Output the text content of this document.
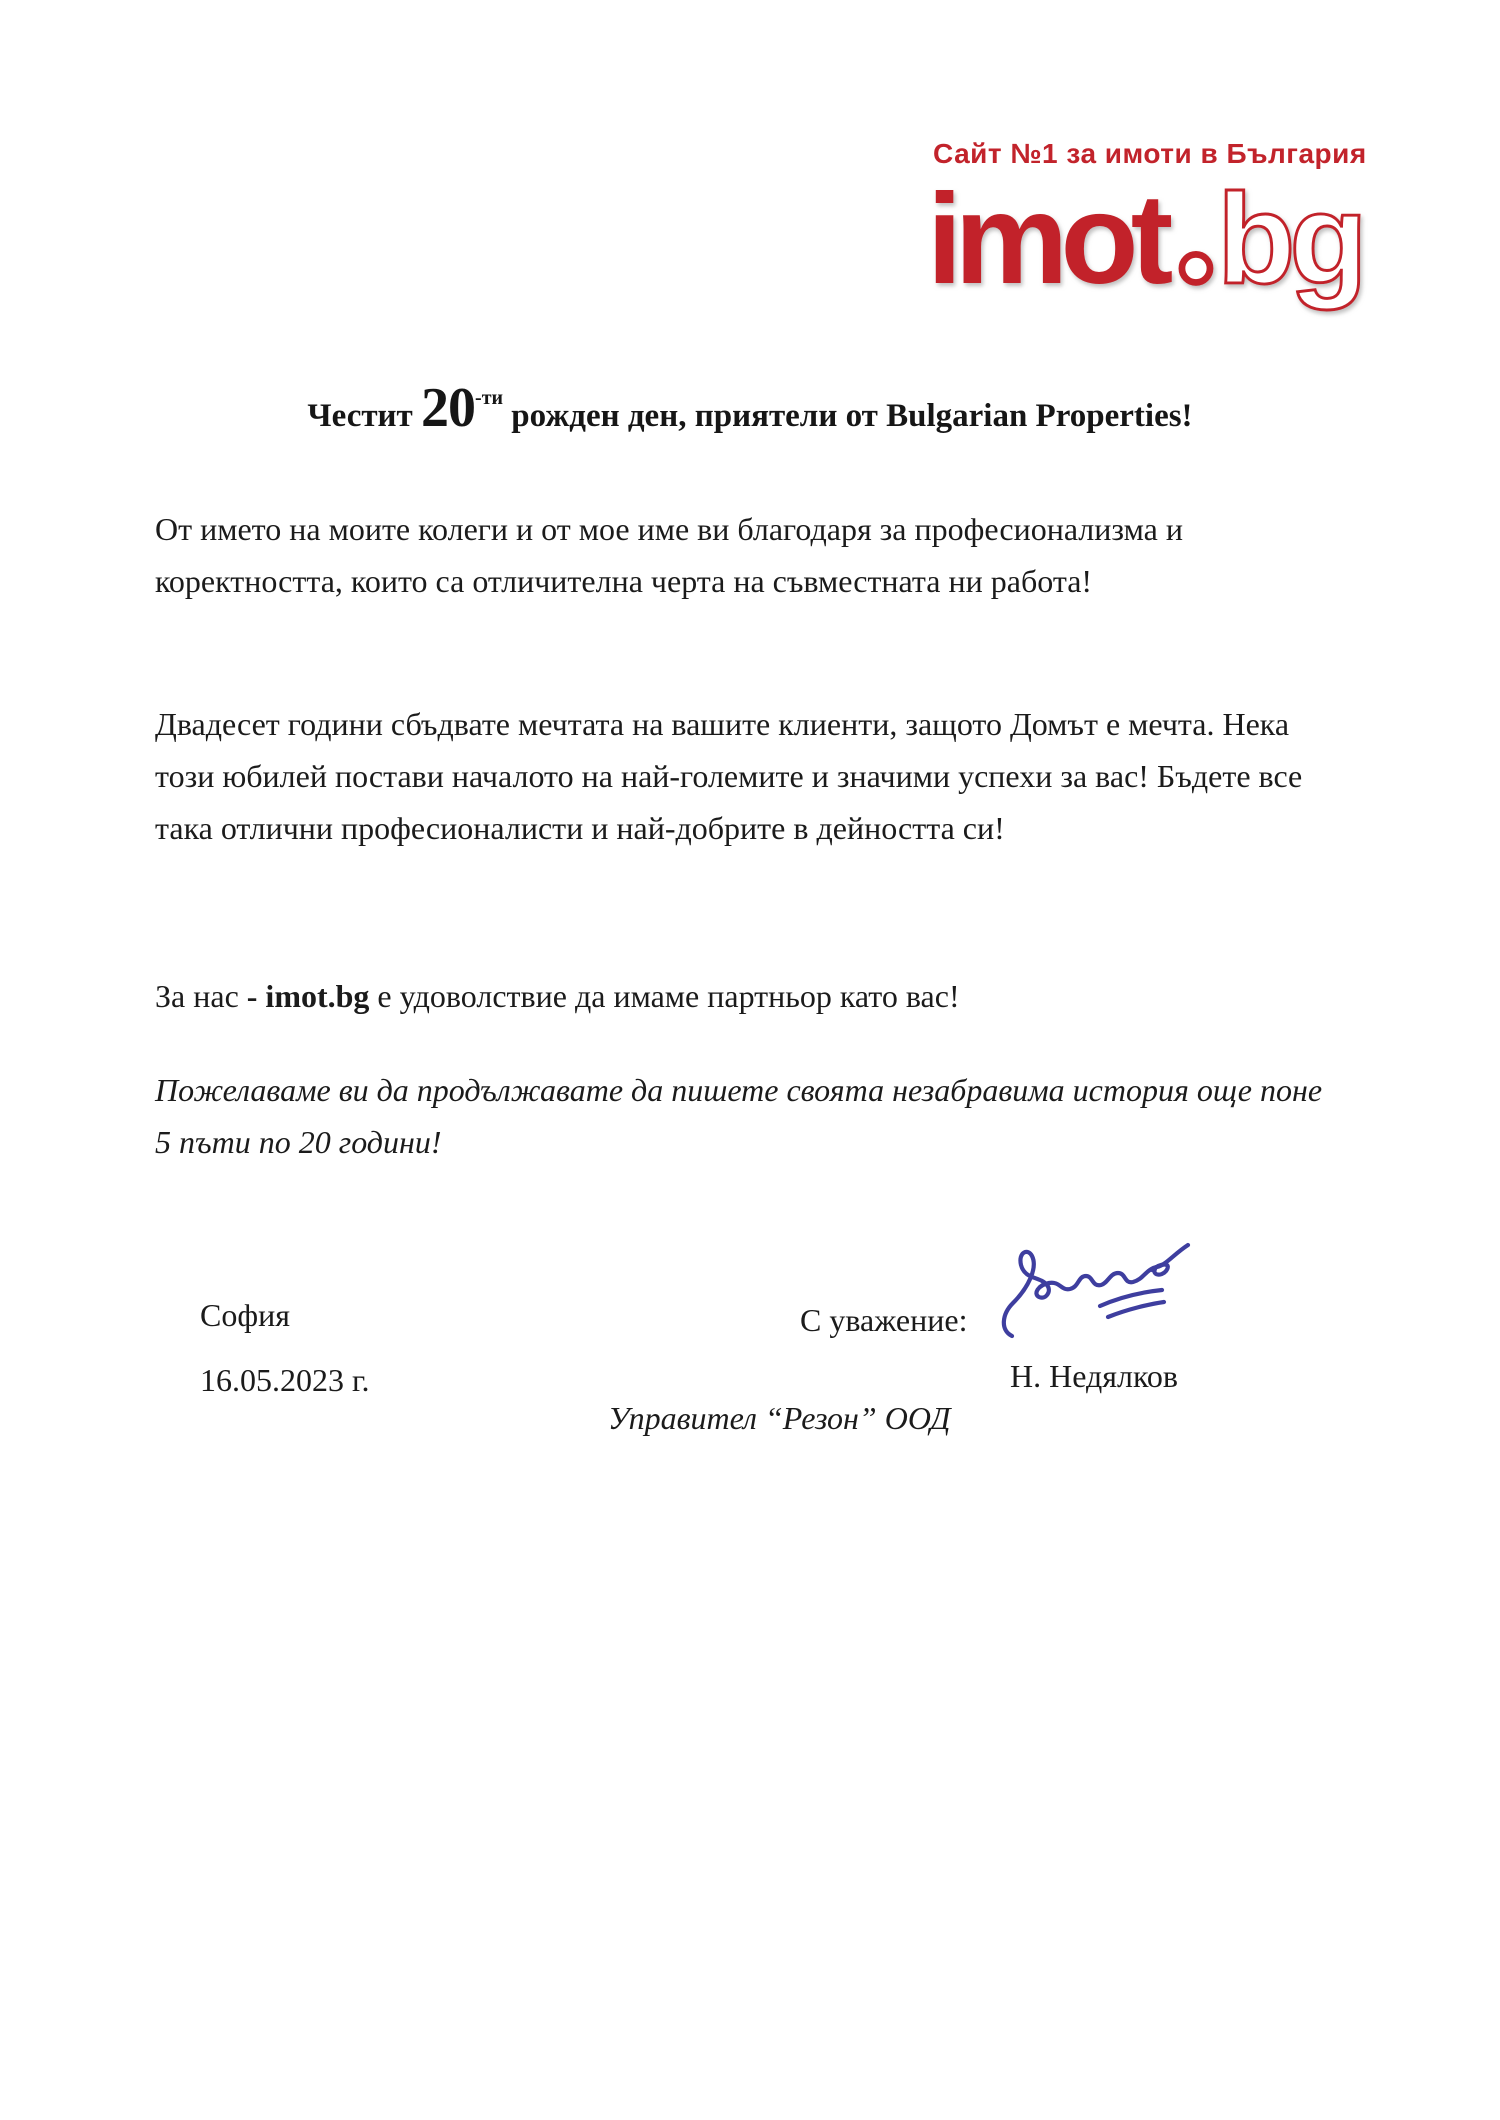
Сайт №1 за имоти в България
imot bg
Честит 20-ти рожден ден, приятели от Bulgarian Properties!

От името на моите колеги и от мое име ви благодаря за професионализма и коректността, които са отличителна черта на съвместната ни работа!

Двадесет години сбъдвате мечтата на вашите клиенти, защото Домът е мечта. Нека този юбилей постави началото на най-големите и значими успехи за вас! Бъдете все така отлични професионалисти и най-добрите в дейността си!

За нас - imot.bg е удоволствие да имаме партньор като вас!

Пожелаваме ви да продължавате да пишете своята незабравима история още поне 5 пъти по 20 години!

София
16.05.2023 г.
С уважение:
Н. Недялков
Управител “Резон” ООД
